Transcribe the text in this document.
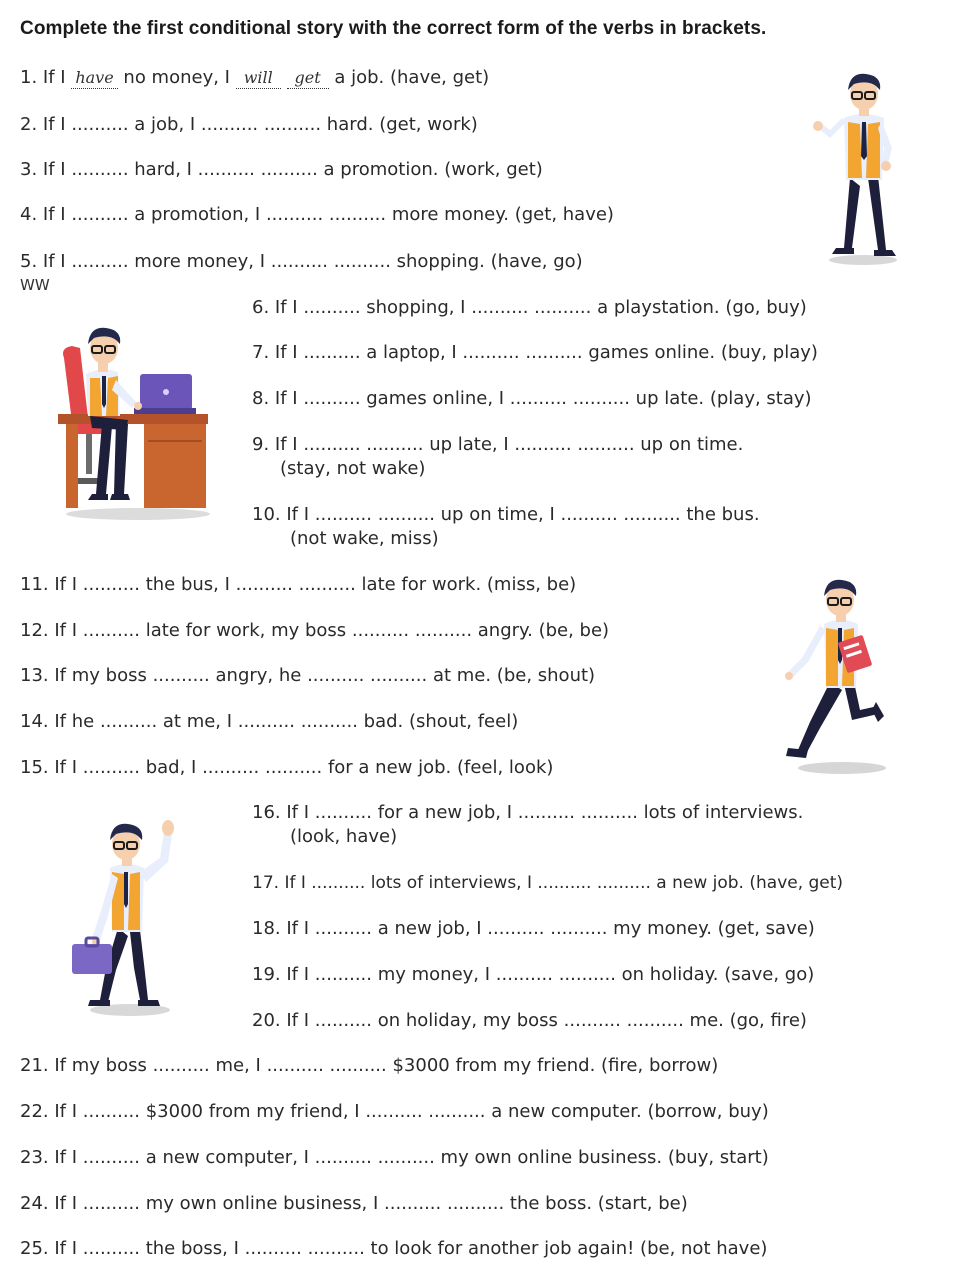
Complete the first conditional story with the correct form of the verbs in brackets.
1. If I have no money, I will get a job. (have, get)
2. If I .......... a job, I .......... .......... hard. (get, work)
3. If I .......... hard, I .......... .......... a promotion. (work, get)
4. If I .......... a promotion, I .......... .......... more money. (get, have)
5. If I .......... more money, I .......... .......... shopping. (have, go)
WW
6. If I .......... shopping, I .......... .......... a playstation. (go, buy)
7. If I .......... a laptop, I .......... .......... games online. (buy, play)
8. If I .......... games online, I .......... .......... up late. (play, stay)
9. If I .......... .......... up late, I .......... .......... up on time.
(stay, not wake)
10. If I .......... .......... up on time, I .......... .......... the bus.
(not wake, miss)
11. If I .......... the bus, I .......... .......... late for work. (miss, be)
12. If I .......... late for work, my boss .......... .......... angry. (be, be)
13. If my boss .......... angry, he .......... .......... at me. (be, shout)
14. If he .......... at me, I .......... .......... bad. (shout, feel)
15. If I .......... bad, I .......... .......... for a new job. (feel, look)
16. If I .......... for a new job, I .......... .......... lots of interviews.
(look, have)
17. If I .......... lots of interviews, I .......... .......... a new job. (have, get)
18. If I .......... a new job, I .......... .......... my money. (get, save)
19. If I .......... my money, I .......... .......... on holiday. (save, go)
20. If I .......... on holiday, my boss .......... .......... me. (go, fire)
21. If my boss .......... me, I .......... .......... $3000 from my friend. (fire, borrow)
22. If I .......... $3000 from my friend, I .......... .......... a new computer. (borrow, buy)
23. If I .......... a new computer, I .......... .......... my own online business. (buy, start)
24. If I .......... my own online business, I .......... .......... the boss. (start, be)
25. If I .......... the boss, I .......... .......... to look for another job again! (be, not have)
